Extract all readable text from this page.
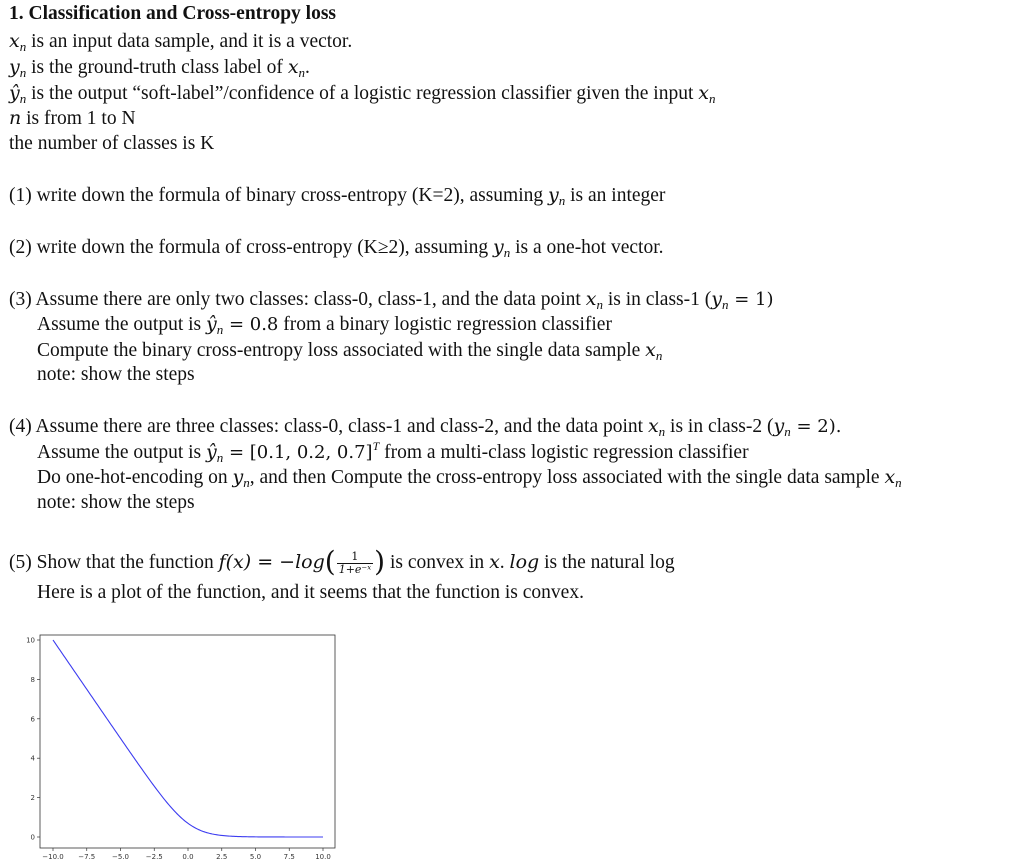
1. Classification and Cross-entropy loss
$x_n$ is an input data sample, and it is a vector.
$y_n$ is the ground-truth class label of $x_n$.
$ŷ_n$ is the output “soft-label”/confidence of a logistic regression classifier given the input $x_n$
n is from 1 to N
the number of classes is K
(1) write down the formula of binary cross-entropy (K=2), assuming $y_n$ is an integer
(2) write down the formula of cross-entropy (K≥2), assuming $y_n$ is a one-hot vector.
(3) Assume there are only two classes: class-0, class-1, and the data point $x_n$ is in class-1 $(y_n = 1)$
Assume the output is $ŷ_n = 0.8$ from a binary logistic regression classifier
Compute the binary cross-entropy loss associated with the single data sample $x_n$
note: show the steps
(4) Assume there are three classes: class-0, class-1 and class-2, and the data point $x_n$ is in class-2 $(y_n = 2)$.
Assume the output is $ŷ_n = [0.1$, 0.2, 0.7]$^T$ from a multi-class logistic regression classifier
Do one-hot-encoding on $y_n$, and then Compute the cross-entropy loss associated with the single data sample $x_n$
note: show the steps
(5) Show that the function $f(x) = -\log( \frac{1}{\text{1+e⁻ˣ}}$ ) is convex in x. log is the natural log
Here is a plot of the function, and it seems that the function is convex.
−10.0 −7.5 −5.0 −2.5	0.0	2.5	5.0	7.5	10.0
0
2
4
6
8
10
